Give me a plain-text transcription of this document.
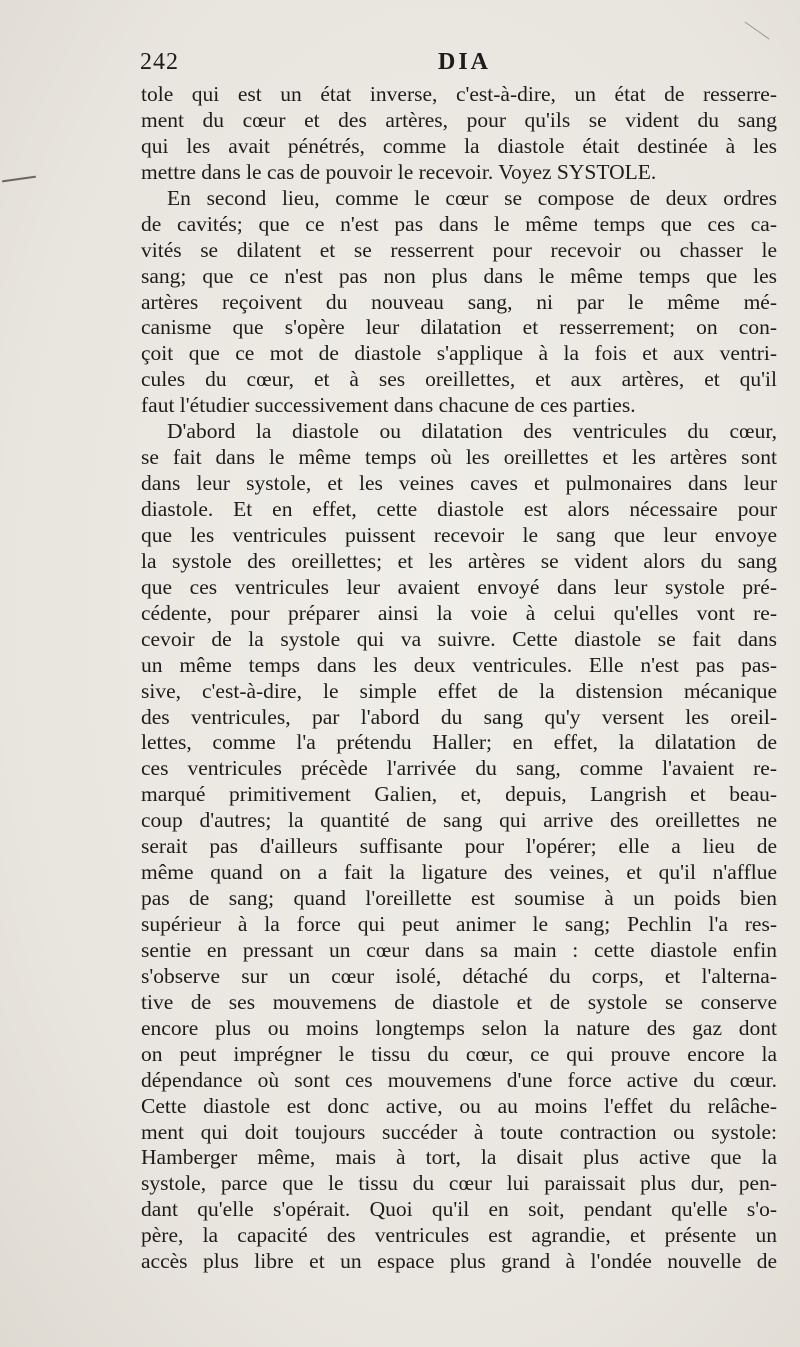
242	DIA
tole qui est un état inverse, c'est-à-dire, un état de resserre-
ment du cœur et des artères, pour qu'ils se vident du sang
qui les avait pénétrés, comme la diastole était destinée à les
mettre dans le cas de pouvoir le recevoir. Voyez SYSTOLE.
En second lieu, comme le cœur se compose de deux ordres
de cavités; que ce n'est pas dans le même temps que ces ca-
vités se dilatent et se resserrent pour recevoir ou chasser le
sang; que ce n'est pas non plus dans le même temps que les
artères reçoivent du nouveau sang, ni par le même mé-
canisme que s'opère leur dilatation et resserrement; on con-
çoit que ce mot de diastole s'applique à la fois et aux ventri-
cules du cœur, et à ses oreillettes, et aux artères, et qu'il
faut l'étudier successivement dans chacune de ces parties.
D'abord la diastole ou dilatation des ventricules du cœur,
se fait dans le même temps où les oreillettes et les artères sont
dans leur systole, et les veines caves et pulmonaires dans leur
diastole. Et en effet, cette diastole est alors nécessaire pour
que les ventricules puissent recevoir le sang que leur envoye
la systole des oreillettes; et les artères se vident alors du sang
que ces ventricules leur avaient envoyé dans leur systole pré-
cédente, pour préparer ainsi la voie à celui qu'elles vont re-
cevoir de la systole qui va suivre. Cette diastole se fait dans
un même temps dans les deux ventricules. Elle n'est pas pas-
sive, c'est-à-dire, le simple effet de la distension mécanique
des ventricules, par l'abord du sang qu'y versent les oreil-
lettes, comme l'a prétendu Haller; en effet, la dilatation de
ces ventricules précède l'arrivée du sang, comme l'avaient re-
marqué primitivement Galien, et, depuis, Langrish et beau-
coup d'autres; la quantité de sang qui arrive des oreillettes ne
serait pas d'ailleurs suffisante pour l'opérer; elle a lieu de
même quand on a fait la ligature des veines, et qu'il n'afflue
pas de sang; quand l'oreillette est soumise à un poids bien
supérieur à la force qui peut animer le sang; Pechlin l'a res-
sentie en pressant un cœur dans sa main : cette diastole enfin
s'observe sur un cœur isolé, détaché du corps, et l'alterna-
tive de ses mouvemens de diastole et de systole se conserve
encore plus ou moins longtemps selon la nature des gaz dont
on peut imprégner le tissu du cœur, ce qui prouve encore la
dépendance où sont ces mouvemens d'une force active du cœur.
Cette diastole est donc active, ou au moins l'effet du relâche-
ment qui doit toujours succéder à toute contraction ou systole:
Hamberger même, mais à tort, la disait plus active que la
systole, parce que le tissu du cœur lui paraissait plus dur, pen-
dant qu'elle s'opérait. Quoi qu'il en soit, pendant qu'elle s'o-
père, la capacité des ventricules est agrandie, et présente un
accès plus libre et un espace plus grand à l'ondée nouvelle de
